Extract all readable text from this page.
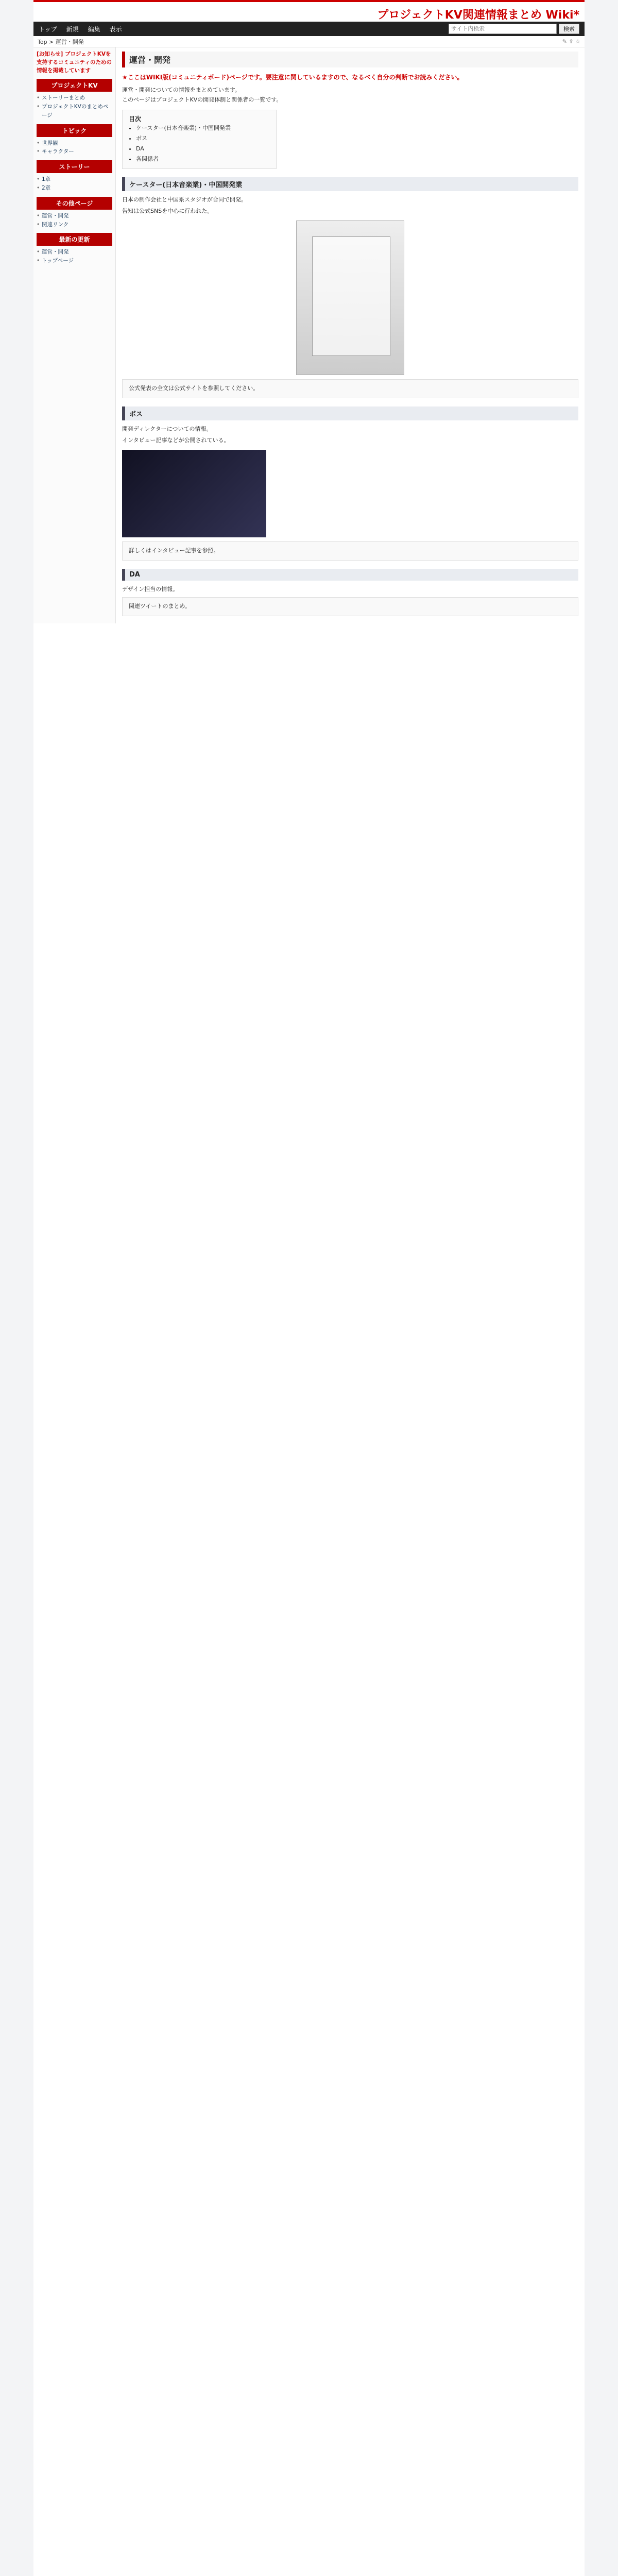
プロジェクトKV関連情報まとめ Wiki*
トップ 新規 編集 表示
サイト内検索	検索
Top > 運営・開発	✎ ⇪ ☆
[お知らせ] プロジェクトKVを支持するコミュニティのための情報を掲載しています
プロジェクトKV
• ストーリーまとめ
• プロジェクトKVのまとめページ
トピック
• 世界観
• キャラクター
ストーリー
• 1章
• 2章
その他ページ
• 運営・開発
• 関連リンク
最新の更新
• 運営・開発
• トップページ
運営・開発
★ここはWIKI版(コミュニティボード)ページです。要注意に関しているますので、なるべく自分の判断でお読みください。

運営・開発についての情報をまとめています。

このページはプロジェクトKVの開発体制と関係者の一覧です。

目次
• ケースター(日本音楽業)・中国開発業
• ボス
• DA
• 各関係者
ケースター(日本音楽業)・中国開発業

日本の制作会社と中国系スタジオが合同で開発。

告知は公式SNSを中心に行われた。

公式発表の全文は公式サイトを参照してください。
ボス

開発ディレクターについての情報。

インタビュー記事などが公開されている。

詳しくはインタビュー記事を参照。
DA

デザイン担当の情報。

関連ツイートのまとめ。
